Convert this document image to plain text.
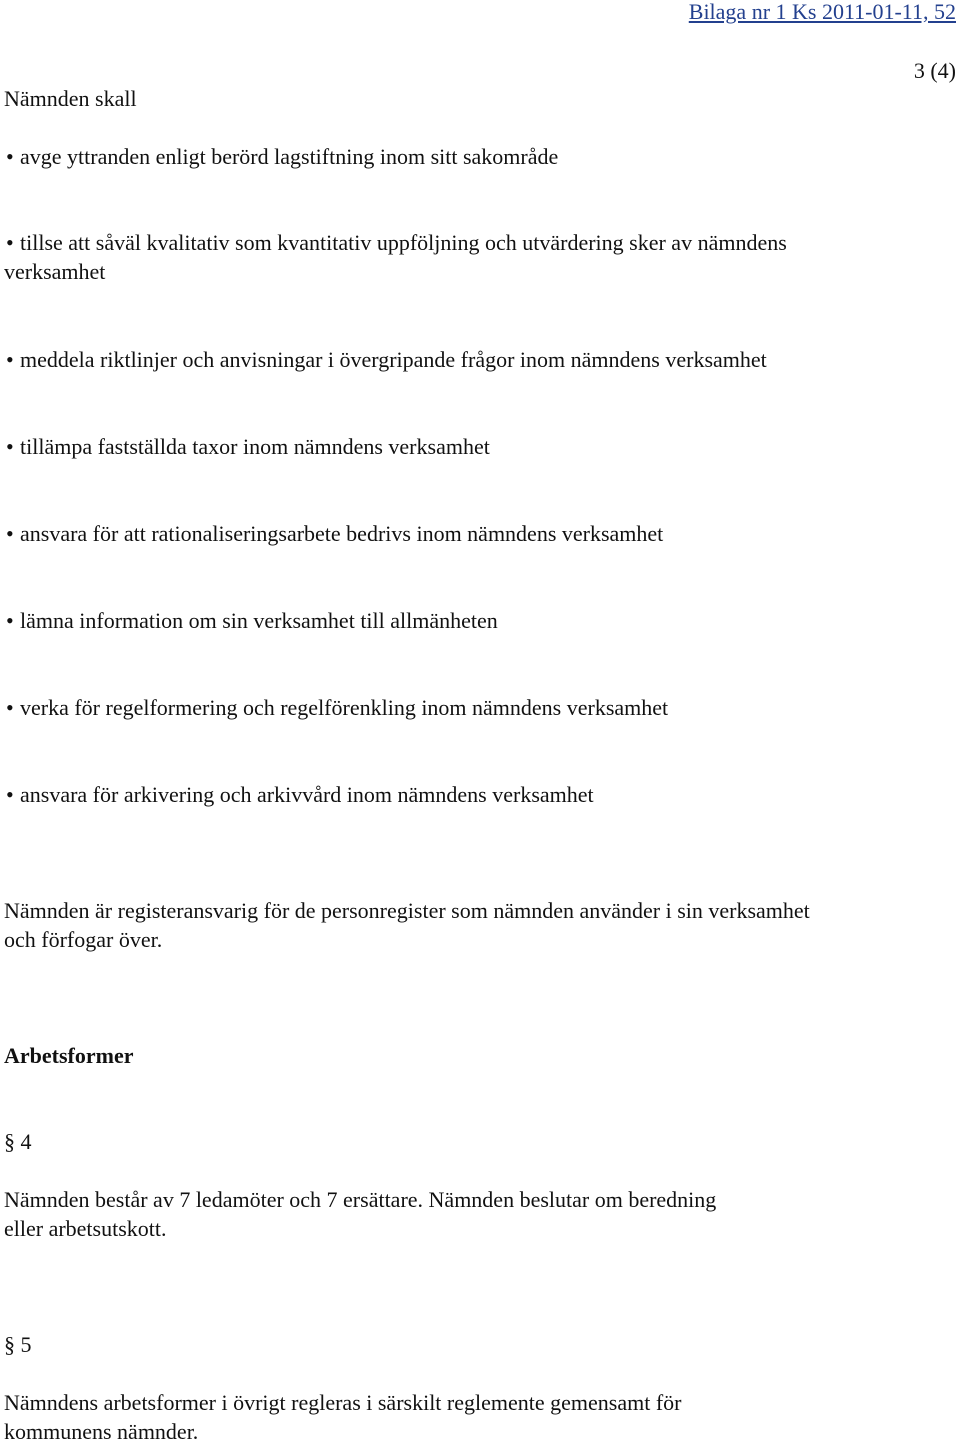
Bilaga nr 1 Ks 2011-01-11, 52
3 (4)
Nämnden skall
• avge yttranden enligt berörd lagstiftning inom sitt sakområde
• tillse att såväl kvalitativ som kvantitativ uppföljning och utvärdering sker av nämndens
verksamhet
• meddela riktlinjer och anvisningar i övergripande frågor inom nämndens verksamhet
• tillämpa fastställda taxor inom nämndens verksamhet
• ansvara för att rationaliseringsarbete bedrivs inom nämndens verksamhet
• lämna information om sin verksamhet till allmänheten
• verka för regelformering och regelförenkling inom nämndens verksamhet
• ansvara för arkivering och arkivvård inom nämndens verksamhet
Nämnden är registeransvarig för de personregister som nämnden använder i sin verksamhet
och förfogar över.
Arbetsformer
§ 4
Nämnden består av 7 ledamöter och 7 ersättare. Nämnden beslutar om beredning
eller arbetsutskott.
§ 5
Nämndens arbetsformer i övrigt regleras i särskilt reglemente gemensamt för
kommunens nämnder.
